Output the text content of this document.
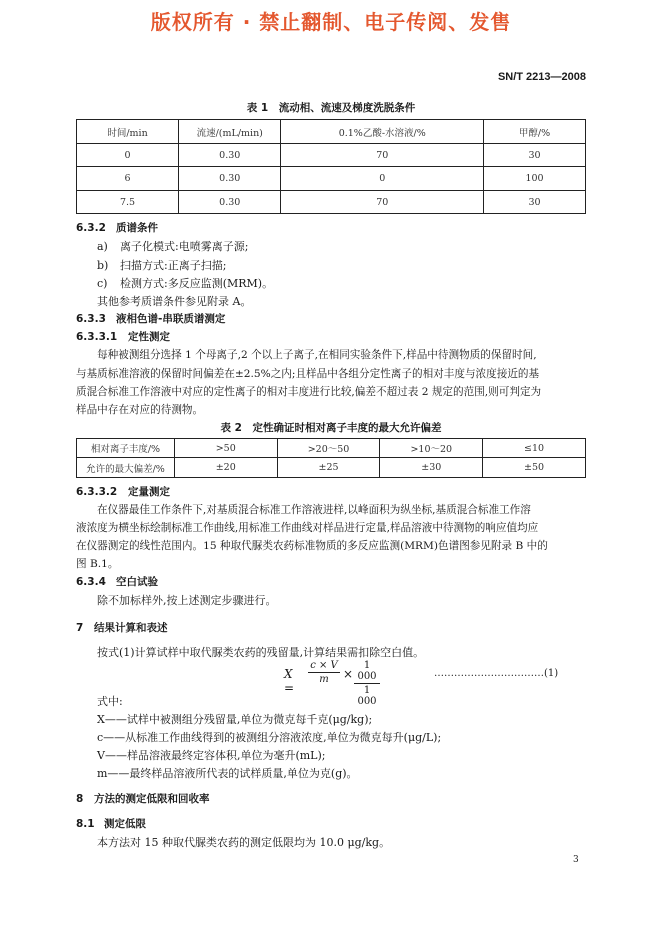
版权所有 · 禁止翻制、电子传阅、发售
SN/T 2213—2008
表 1　流动相、流速及梯度洗脱条件
时间/min	流速/(mL/min)	0.1%乙酸-水溶液/%	甲醇/%
0	0.30	70	30
6	0.30	0	100
7.5	0.30	70	30
6.3.2 质谱条件
a) 离子化模式:电喷雾离子源;
b) 扫描方式:正离子扫描;
c) 检测方式:多反应监测(MRM)。
其他参考质谱条件参见附录 A。
6.3.3 液相色谱-串联质谱测定
6.3.3.1 定性测定
每种被测组分选择 1 个母离子,2 个以上子离子,在相同实验条件下,样品中待测物质的保留时间,
与基质标准溶液的保留时间偏差在±2.5%之内;且样品中各组分定性离子的相对丰度与浓度接近的基
质混合标准工作溶液中对应的定性离子的相对丰度进行比较,偏差不超过表 2 规定的范围,则可判定为
样品中存在对应的待测物。
表 2　定性确证时相对离子丰度的最大允许偏差
相对离子丰度/%	>50	>20～50	>10～20	≤10
允许的最大偏差/%	±20	±25	±30	±50
6.3.3.2 定量测定
在仪器最佳工作条件下,对基质混合标准工作溶液进样,以峰面积为纵坐标,基质混合标准工作溶
液浓度为横坐标绘制标准工作曲线,用标准工作曲线对样品进行定量,样品溶液中待测物的响应值均应
在仪器测定的线性范围内。15 种取代脲类农药标准物质的多反应监测(MRM)色谱图参见附录 B 中的
图 B.1。
6.3.4 空白试验
除不加标样外,按上述测定步骤进行。
7 结果计算和表述
按式(1)计算试样中取代脲类农药的残留量,计算结果需扣除空白值。
X =
c × V
m	×
1 000
1 000
……………………………(1)
式中:
X——试样中被测组分残留量,单位为微克每千克(μg/kg);
c——从标准工作曲线得到的被测组分溶液浓度,单位为微克每升(μg/L);
V——样品溶液最终定容体积,单位为毫升(mL);
m——最终样品溶液所代表的试样质量,单位为克(g)。
8 方法的测定低限和回收率
8.1 测定低限
本方法对 15 种取代脲类农药的测定低限均为 10.0 μg/kg。
3
